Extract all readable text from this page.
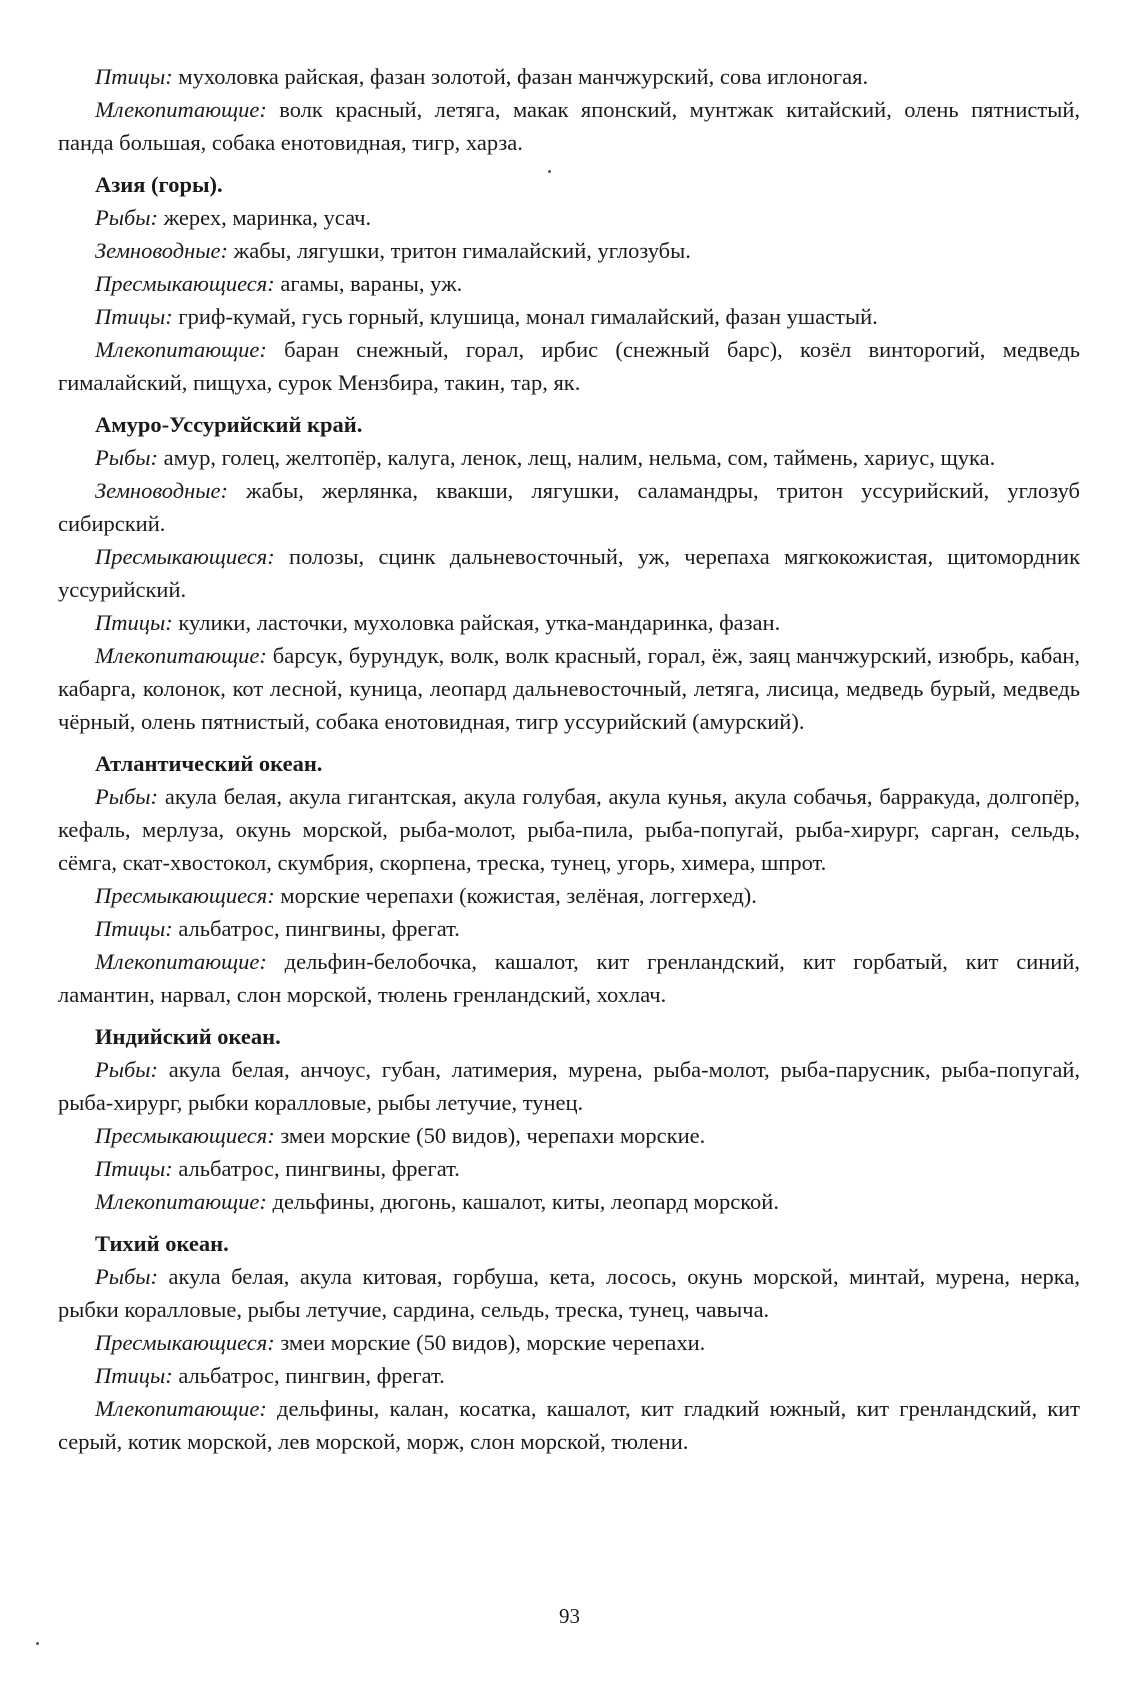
Птицы: мухоловка райская, фазан золотой, фазан манчжурский, сова иглоногая.

Млекопитающие: волк красный, летяга, макак японский, мунтжак китайский, олень пятнистый, панда большая, собака енотовидная, тигр, харза.

Азия (горы).

Рыбы: жерех, маринка, усач.

Земноводные: жабы, лягушки, тритон гималайский, углозубы.

Пресмыкающиеся: агамы, вараны, уж.

Птицы: гриф-кумай, гусь горный, клушица, монал гималайский, фазан ушастый.

Млекопитающие: баран снежный, горал, ирбис (снежный барс), козёл винторогий, медведь гималайский, пищуха, сурок Мензбира, такин, тар, як.

Амуро-Уссурийский край.

Рыбы: амур, голец, желтопёр, калуга, ленок, лещ, налим, нельма, сом, таймень, хариус, щука.

Земноводные: жабы, жерлянка, квакши, лягушки, саламандры, тритон уссурийский, углозуб сибирский.

Пресмыкающиеся: полозы, сцинк дальневосточный, уж, черепаха мягкокожистая, щитомордник уссурийский.

Птицы: кулики, ласточки, мухоловка райская, утка-мандаринка, фазан.

Млекопитающие: барсук, бурундук, волк, волк красный, горал, ёж, заяц манчжурский, изюбрь, кабан, кабарга, колонок, кот лесной, куница, леопард дальневосточный, летяга, лисица, медведь бурый, медведь чёрный, олень пятнистый, собака енотовидная, тигр уссурийский (амурский).

Атлантический океан.

Рыбы: акула белая, акула гигантская, акула голубая, акула кунья, акула собачья, барракуда, долгопёр, кефаль, мерлуза, окунь морской, рыба-молот, рыба-пила, рыба-попугай, рыба-хирург, сарган, сельдь, сёмга, скат-хвостокол, скумбрия, скорпена, треска, тунец, угорь, химера, шпрот.

Пресмыкающиеся: морские черепахи (кожистая, зелёная, логгерхед).

Птицы: альбатрос, пингвины, фрегат.

Млекопитающие: дельфин-белобочка, кашалот, кит гренландский, кит горбатый, кит синий, ламантин, нарвал, слон морской, тюлень гренландский, хохлач.

Индийский океан.

Рыбы: акула белая, анчоус, губан, латимерия, мурена, рыба-молот, рыба-парусник, рыба-попугай, рыба-хирург, рыбки коралловые, рыбы летучие, тунец.

Пресмыкающиеся: змеи морские (50 видов), черепахи морские.

Птицы: альбатрос, пингвины, фрегат.

Млекопитающие: дельфины, дюгонь, кашалот, киты, леопард морской.

Тихий океан.

Рыбы: акула белая, акула китовая, горбуша, кета, лосось, окунь морской, минтай, мурена, нерка, рыбки коралловые, рыбы летучие, сардина, сельдь, треска, тунец, чавыча.

Пресмыкающиеся: змеи морские (50 видов), морские черепахи.

Птицы: альбатрос, пингвин, фрегат.

Млекопитающие: дельфины, калан, косатка, кашалот, кит гладкий южный, кит гренландский, кит серый, котик морской, лев морской, морж, слон морской, тюлени.

93
